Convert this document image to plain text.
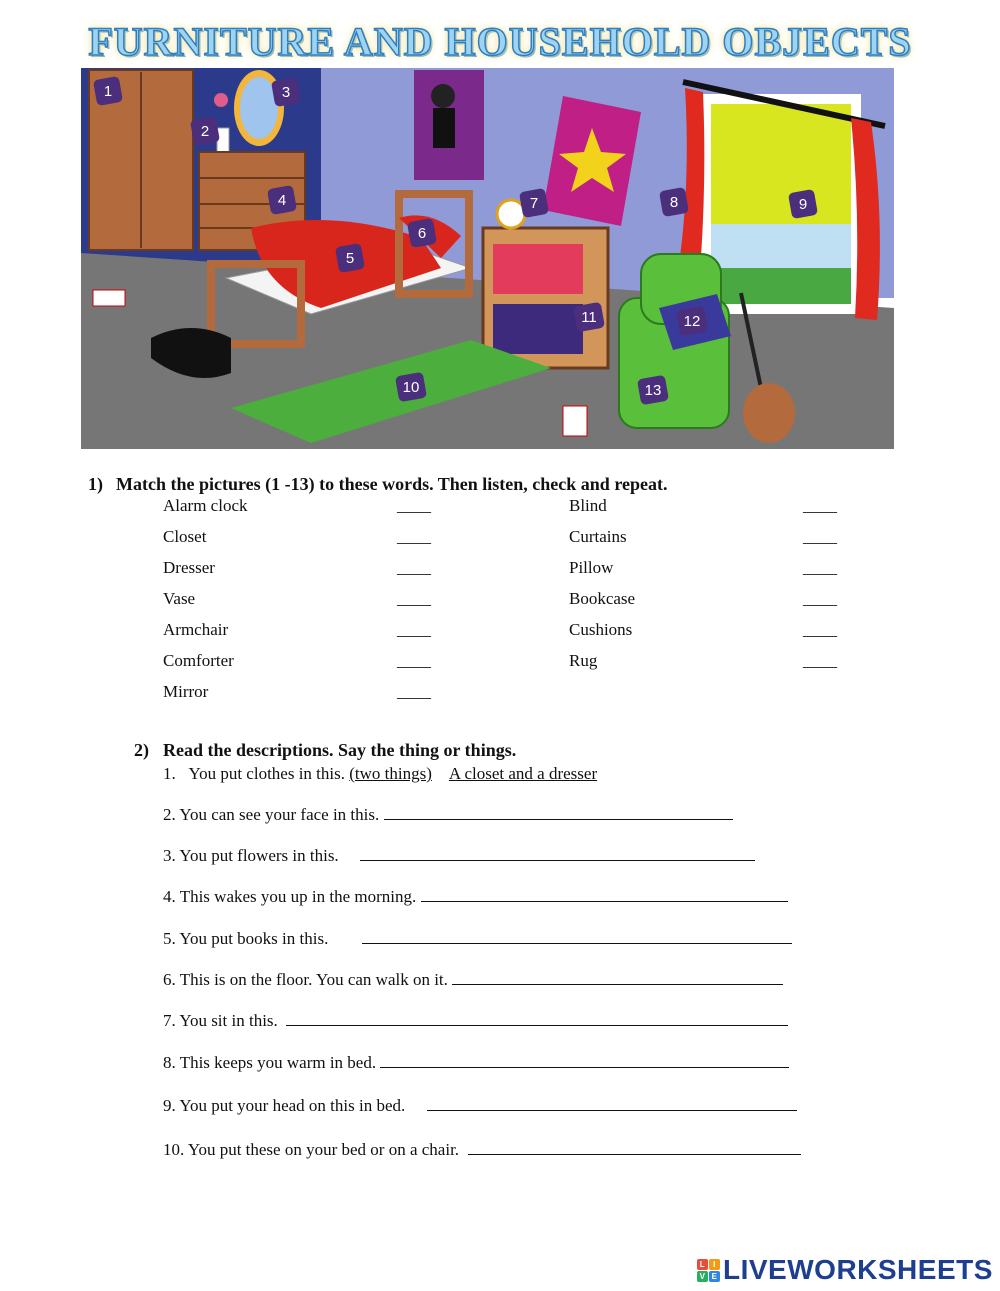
FURNITURE AND HOUSEHOLD OBJECTS
1
2
3
4
5
6
7	8	9
10
11	12
13
1) Match the pictures (1 -13) to these words. Then listen, check and repeat.
Alarm clock	____
Closet	____
Dresser	____
Vase	____
Armchair	____
Comforter	____
Mirror	____
Blind	____
Curtains	____
Pillow	____
Bookcase	____
Cushions	____
Rug	____
2) Read the descriptions. Say the thing or things.
1. You put clothes in this. (two things) A closet and a dresser
2. You can see your face in this.
3. You put flowers in this.
4. This wakes you up in the morning.
5. You put books in this.
6. This is on the floor. You can walk on it.
7. You sit in this.
8. This keeps you warm in bed.
9. You put your head on this in bed.
10. You put these on your bed or on a chair.
L I
V E LIVEWORKSHEETS
